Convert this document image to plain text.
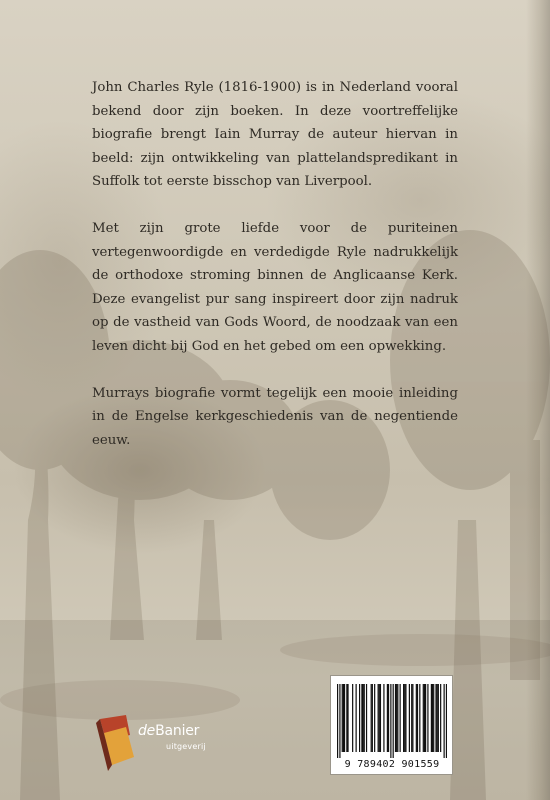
John Charles Ryle (1816-1900) is in Nederland vooral bekend door zijn boeken. In deze voortreffelijke biografie brengt Iain Murray de auteur hiervan in beeld: zijn ontwikkeling van plattelandspredikant in Suffolk tot eerste bisschop van Liverpool.

Met zijn grote liefde voor de puriteinen vertegenwoordigde en verdedigde Ryle nadrukkelijk de orthodoxe stroming binnen de Anglicaanse Kerk. Deze evangelist pur sang inspireert door zijn nadruk op de vastheid van Gods Woord, de noodzaak van een leven dicht bij God en het gebed om een opwekking.

Murrays biografie vormt tegelijk een mooie inleiding in de Engelse kerkgeschiedenis van de negentiende eeuw.

deBanier
uitgeverij
9 789402 901559
